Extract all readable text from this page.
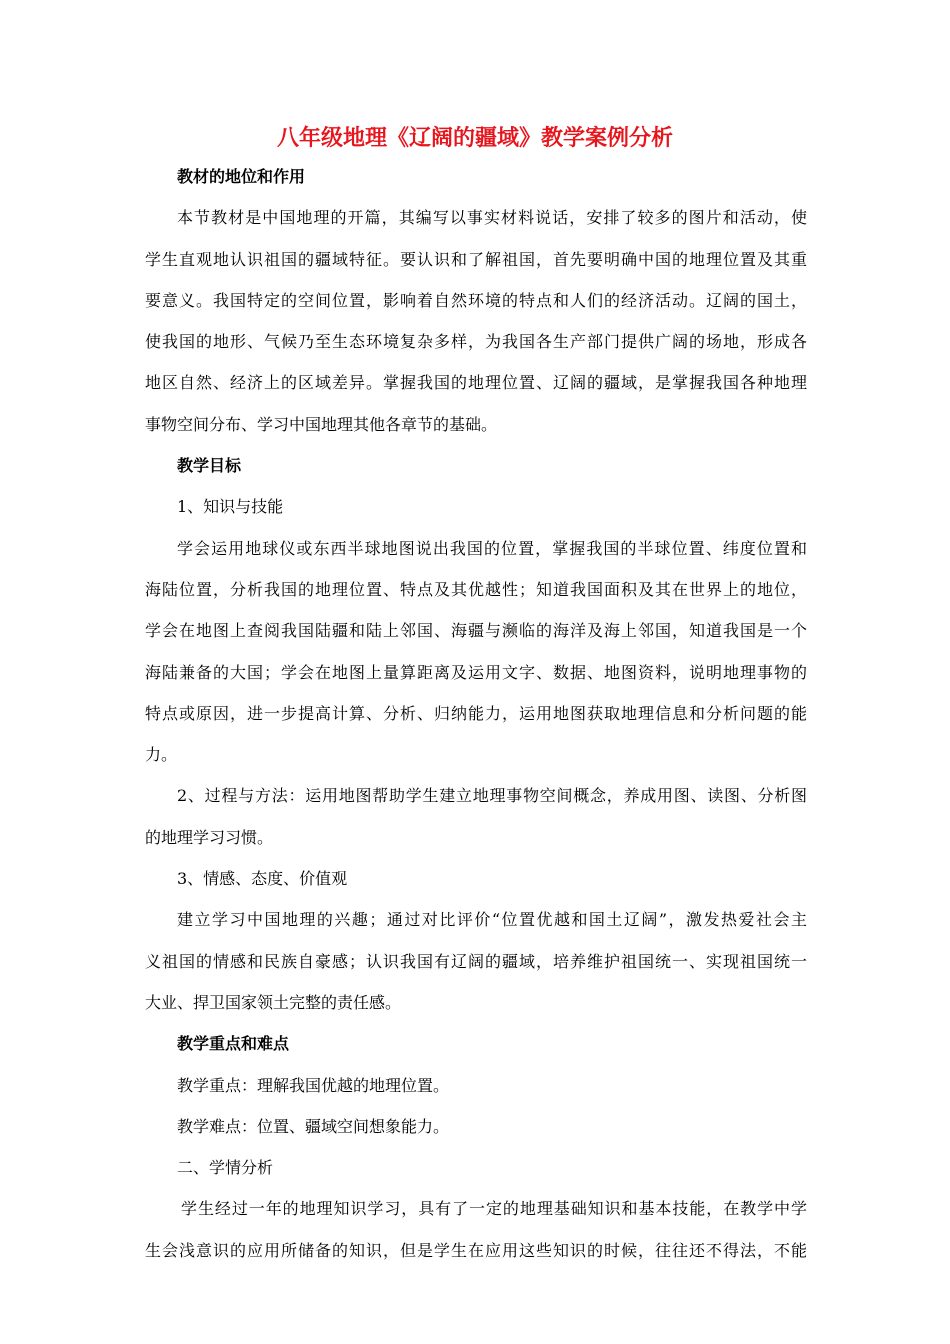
八年级地理《辽阔的疆域》教学案例分析
教材的地位和作用
本节教材是中国地理的开篇，其编写以事实材料说话，安排了较多的图片和活动，使
学生直观地认识祖国的疆域特征。要认识和了解祖国，首先要明确中国的地理位置及其重
要意义。我国特定的空间位置，影响着自然环境的特点和人们的经济活动。辽阔的国土，
使我国的地形、气候乃至生态环境复杂多样，为我国各生产部门提供广阔的场地，形成各
地区自然、经济上的区域差异。掌握我国的地理位置、辽阔的疆域，是掌握我国各种地理
事物空间分布、学习中国地理其他各章节的基础。
教学目标
1、知识与技能
学会运用地球仪或东西半球地图说出我国的位置，掌握我国的半球位置、纬度位置和
海陆位置，分析我国的地理位置、特点及其优越性；知道我国面积及其在世界上的地位，
学会在地图上查阅我国陆疆和陆上邻国、海疆与濒临的海洋及海上邻国，知道我国是一个
海陆兼备的大国；学会在地图上量算距离及运用文字、数据、地图资料，说明地理事物的
特点或原因，进一步提高计算、分析、归纳能力，运用地图获取地理信息和分析问题的能
力。
2、过程与方法：运用地图帮助学生建立地理事物空间概念，养成用图、读图、分析图
的地理学习习惯。
3、情感、态度、价值观
建立学习中国地理的兴趣；通过对比评价“位置优越和国土辽阔”，激发热爱社会主
义祖国的情感和民族自豪感；认识我国有辽阔的疆域，培养维护祖国统一、实现祖国统一
大业、捍卫国家领土完整的责任感。
教学重点和难点
教学重点：理解我国优越的地理位置。
教学难点：位置、疆域空间想象能力。
二、学情分析
学生经过一年的地理知识学习，具有了一定的地理基础知识和基本技能，在教学中学
生会浅意识的应用所储备的知识，但是学生在应用这些知识的时候，往往还不得法，不能
